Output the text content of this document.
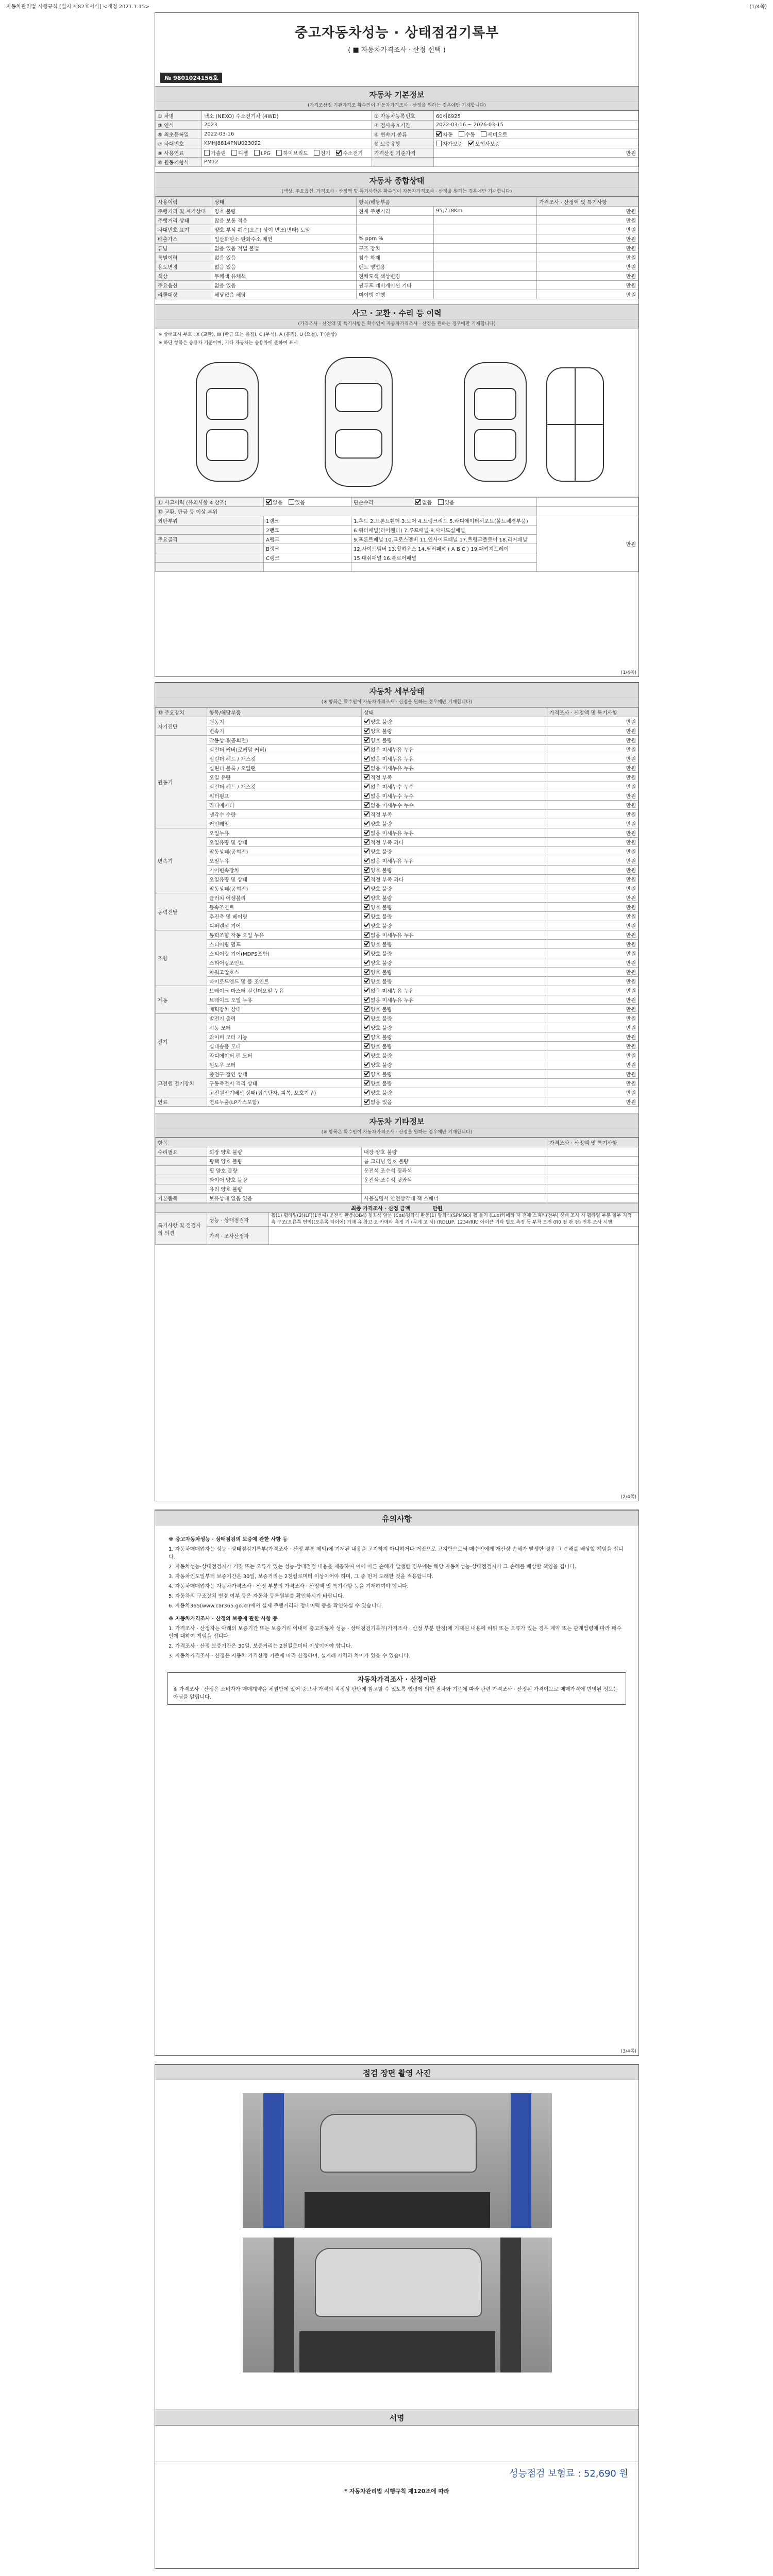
자동차관리법 시행규칙 [별지 제82호서식] <개정 2021.1.15>	(1/4쪽)
중고자동차성능 · 상태점검기록부
( ■ 자동차가격조사 · 산정 선택 )
№ 9801024156호
자동차 기본정보
(가격조산정 기관가격조 확수인이 자동차가격조사 · 산정을 원하는 경우에만 기재합니다)
① 차명	넥소 (NEXO) 수소전기차 (4WD)	② 자동차등록번호	60허6925
③ 연식	2023	④ 검사유효기간	2022-03-16 ~ 2026-03-15
⑤ 최초등록일	2022-03-16	⑥ 변속기 종류	자동 수동 세미오토
⑦ 차대번호	KMHJ8814PNU023092	⑧ 보증유형	자가보증 보험사보증
⑨ 사용연료	가솔린 디젤 LPG 하이브리드 전기 수소전기	가격산정 기준가격	만원
⑩ 원동기형식	PM12		
자동차 종합상태
(색상, 주요옵션, 가격조사 · 산정액 및 특기사항은 확수인이 자동차가격조사 · 산정을 원하는 경우에만 기재합니다)
사용이력	상태	항목/해당부품		가격조사 · 산정액 및 특기사항
주행거리 및 계기상태	양호 불량	현재 주행거리	95,718Km	만원
주행거리 상태	많음 보통 적음			만원
차대번호 표기	양호 부식 훼손(오손) 상이 변조(변타) 도말			만원
배출가스	일산화탄소 탄화수소 매연	% ppm %		만원
튜닝	없음 있음 적법 불법	구조 장치		만원
특별이력	없음 있음	침수 화재		만원
용도변경	없음 있음	렌트 영업용		만원
색상	무채색 유채색	전체도색 색상변경		만원
주요옵션	없음 있음	썬루프 네비게이션 기타		만원
리콜대상	해당없음 해당	미이행 이행		만원
사고 · 교환 · 수리 등 이력
(가격조사 · 산정액 및 특기사항은 확수인이 자동차가격조사 · 산정을 원하는 경우에만 기재합니다)
※ 상태표시 부호 : X (교환), W (판금 또는 용접), C (부식), A (흠집), U (요철), T (손상)
※ 하단 항목은 승용차 기준이며, 기타 자동차는 승용차에 준하여 표시
⑪ 사고이력 (유의사항 4 참조)	없음 있음	단순수리	없음 있음	
⑫ 교환, 판금 등 이상 부위				
외판부위	1랭크	1.후드 2.프론트휀더 3.도어 4.트렁크리드 5.라디에이터서포트(볼트체결부품)		만원
	2랭크	6.쿼터패널(리어휀더) 7.루프패널 8.사이드실패널		
주요골격	A랭크	9.프론트패널 10.크로스멤버 11.인사이드패널 17.트렁크플로어 18.리어패널		
	B랭크	12.사이드멤버 13.휠하우스 14.필러패널 ( A B C ) 19.패키지트레이		
	C랭크	15.대쉬패널 16.플로어패널		

(1/4쪽)
자동차 세부상태
(※ 항목은 확수인이 자동차가격조사 · 산정을 원하는 경우에만 기재합니다)
⑬ 주요장치	항목/해당부품	상태	가격조사 · 산정액 및 특기사항
자기진단	원동기	양호 불량	만원
	변속기	양호 불량	만원
원동기	작동상태(공회전)	양호 불량	만원
	실린더 커버(로커암 커버)	없음 미세누유 누유	만원
	실린더 헤드 / 개스킷	없음 미세누유 누유	만원
	실린더 블록 / 오일팬	없음 미세누유 누유	만원
	오일 유량	적정 부족	만원
	실린더 헤드 / 개스킷	없음 미세누수 누수	만원
	워터펌프	없음 미세누수 누수	만원
	라디에이터	없음 미세누수 누수	만원
	냉각수 수량	적정 부족	만원
	커먼레일	양호 불량	만원
변속기	오일누유	없음 미세누유 누유	만원
	오일유량 및 상태	적정 부족 과다	만원
	작동상태(공회전)	양호 불량	만원
	오일누유	없음 미세누유 누유	만원
	기어변속장치	양호 불량	만원
	오일유량 및 상태	적정 부족 과다	만원
	작동상태(공회전)	양호 불량	만원
동력전달	클러치 어셈블리	양호 불량	만원
	등속조인트	양호 불량	만원
	추진축 및 베어링	양호 불량	만원
	디퍼렌셜 기어	양호 불량	만원
조향	동력조향 작동 오일 누유	없음 미세누유 누유	만원
	스티어링 펌프	양호 불량	만원
	스티어링 기어(MDPS포함)	양호 불량	만원
	스티어링조인트	양호 불량	만원
	파워고압호스	양호 불량	만원
	타이로드엔드 및 볼 조인트	양호 불량	만원
제동	브레이크 마스터 실린더오일 누유	없음 미세누유 누유	만원
	브레이크 오일 누유	없음 미세누유 누유	만원
	배력장치 상태	양호 불량	만원
전기	발전기 출력	양호 불량	만원
	시동 모터	양호 불량	만원
	와이퍼 모터 기능	양호 불량	만원
	실내송풍 모터	양호 불량	만원
	라디에이터 팬 모터	양호 불량	만원
	윈도우 모터	양호 불량	만원
고전원 전기장치	충전구 절연 상태	양호 불량	만원
	구동축전지 격리 상태	양호 불량	만원
	고전원전기배선 상태(접속단자, 피복, 보호기구)	양호 불량	만원
연료	연료누출(LP가스포함)	없음 있음	만원
자동차 기타정보
(※ 항목은 확수인이 자동차가격조사 · 산정을 원하는 경우에만 기재합니다)
항목			가격조사 · 산정액 및 특기사항
수리필요	외장 양호 불량	내장 양호 불량	
	광택 양호 불량	룸 크리닝 양호 불량	
	휠 양호 불량	운전석 조수석 뒷좌석	
	타이어 양호 불량	운전석 조수석 뒷좌석	
	유리 양호 불량		
기본품목	보유상태 없음 있음	사용설명서 안전삼각대 잭 스패너	
최종 가격조사 · 산정 금액 만원		
특기사항 및 점검자의 의견	성능 · 상태점검자	휠(1) 휠타일(2)(LF)(1번째) 운전석 완충(OB4) 뒷좌석 앞문 (Cos)뒷좌석 완충(1) 앞좌석(SPMNO) 휠 풀기 (Lux)카메라 자 전체 스피커(전부) 상태 조사 시 휠타일 부분 일부 지적 측 구조(오른쪽 번역)(오른쪽 타이어) 기재 유 참고 요 카메라 측정 기 (무게 고 시) (RDLUP, 1234/RR) 아이큰 기타 별도 측정 등 부착 오전 (R0 점 관 검) 전후 조사 시행
	가격 · 조사산정자	
(2/4쪽)
유의사항
※ 중고자동차성능 · 상태점검의 보증에 관한 사항 등

1. 자동차매매업자는 성능 · 상태점검기록부(가격조사 · 산정 부분 제외)에 기재된 내용을 고지하지 아니하거나 거짓으로 고지함으로써 매수인에게 재산상 손해가 발생한 경우 그 손해를 배상할 책임을 집니다.

2. 자동차성능·상태점검자가 거짓 또는 오류가 있는 성능·상태점검 내용을 제공하여 이에 따른 손해가 발생한 경우에는 해당 자동차성능·상태점검자가 그 손해를 배상할 책임을 집니다.

3. 자동차인도일부터 보증기간은 30일, 보증거리는 2천킬로미터 이상이어야 하며, 그 중 먼저 도래한 것을 적용합니다.

4. 자동차매매업자는 자동차가격조사 · 산정 부분의 가격조사 · 산정액 및 특기사항 등을 기재하여야 합니다.

5. 자동차의 구조장치 변경 여부 등은 자동차 등록원부를 확인하시기 바랍니다.

6. 자동차365(www.car365.go.kr)에서 실제 주행거리와 정비이력 등을 확인하실 수 있습니다.

※ 자동차가격조사 · 산정의 보증에 관한 사항 등

1. 가격조사 · 산정자는 아래의 보증기간 또는 보증거리 이내에 중고자동차 성능 · 상태점검기록부(가격조사 · 산정 부분 한정)에 기재된 내용에 허위 또는 오류가 있는 경우 계약 또는 관계법령에 따라 매수인에 대하여 책임을 집니다.

2. 가격조사 · 산정 보증기간은 30일, 보증거리는 2천킬로미터 이상이어야 합니다.

3. 자동차가격조사 · 산정은 자동차 가격산정 기준에 따라 산정하며, 실거래 가격과 차이가 있을 수 있습니다.

자동차가격조사 · 산정이란
※ 가격조사 · 산정은 소비자가 매매계약을 체결함에 있어 중고차 가격의 적정성 판단에 참고할 수 있도록 법령에 의한 절차와 기준에 따라 관련 가격조사 · 산정된 가격이므로 매매가격에 반영된 정보는 아님을 알립니다.
(3/4쪽)
점검 장면 촬영 사진
서명
성능점검 보험료 : 52,690 원
* 자동차관리법 시행규칙 제120조에 따라
